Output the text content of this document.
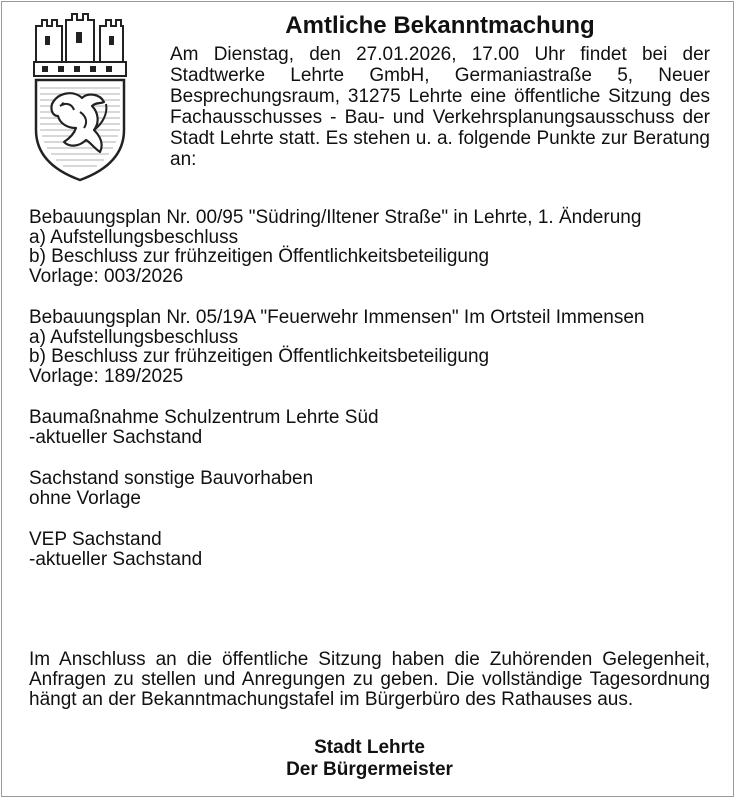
Amtliche Bekanntmachung

Am Dienstag, den 27.01.2026, 17.00 Uhr findet bei der Stadtwerke Lehrte GmbH, Germaniastraße 5, Neuer Besprechungsraum, 31275 Lehrte eine öffentliche Sitzung des Fachausschusses - Bau- und Verkehrsplanungsausschuss der Stadt Lehrte statt. Es stehen u. a. folgende Punkte zur Beratung an:

Bebauungsplan Nr. 00/95 "Südring/Iltener Straße" in Lehrte, 1. Änderung

a) Aufstellungsbeschluss

b) Beschluss zur frühzeitigen Öffentlichkeitsbeteiligung

Vorlage: 003/2026

Bebauungsplan Nr. 05/19A "Feuerwehr Immensen" Im Ortsteil Immensen

a) Aufstellungsbeschluss

b) Beschluss zur frühzeitigen Öffentlichkeitsbeteiligung

Vorlage: 189/2025

Baumaßnahme Schulzentrum Lehrte Süd

-aktueller Sachstand

Sachstand sonstige Bauvorhaben

ohne Vorlage

VEP Sachstand

-aktueller Sachstand

Im Anschluss an die öffentliche Sitzung haben die Zuhörenden Gelegenheit, Anfragen zu stellen und Anregungen zu geben. Die vollständige Tagesordnung hängt an der Bekanntmachungstafel im Bürgerbüro des Rathauses aus.

Stadt Lehrte
Der Bürgermeister
